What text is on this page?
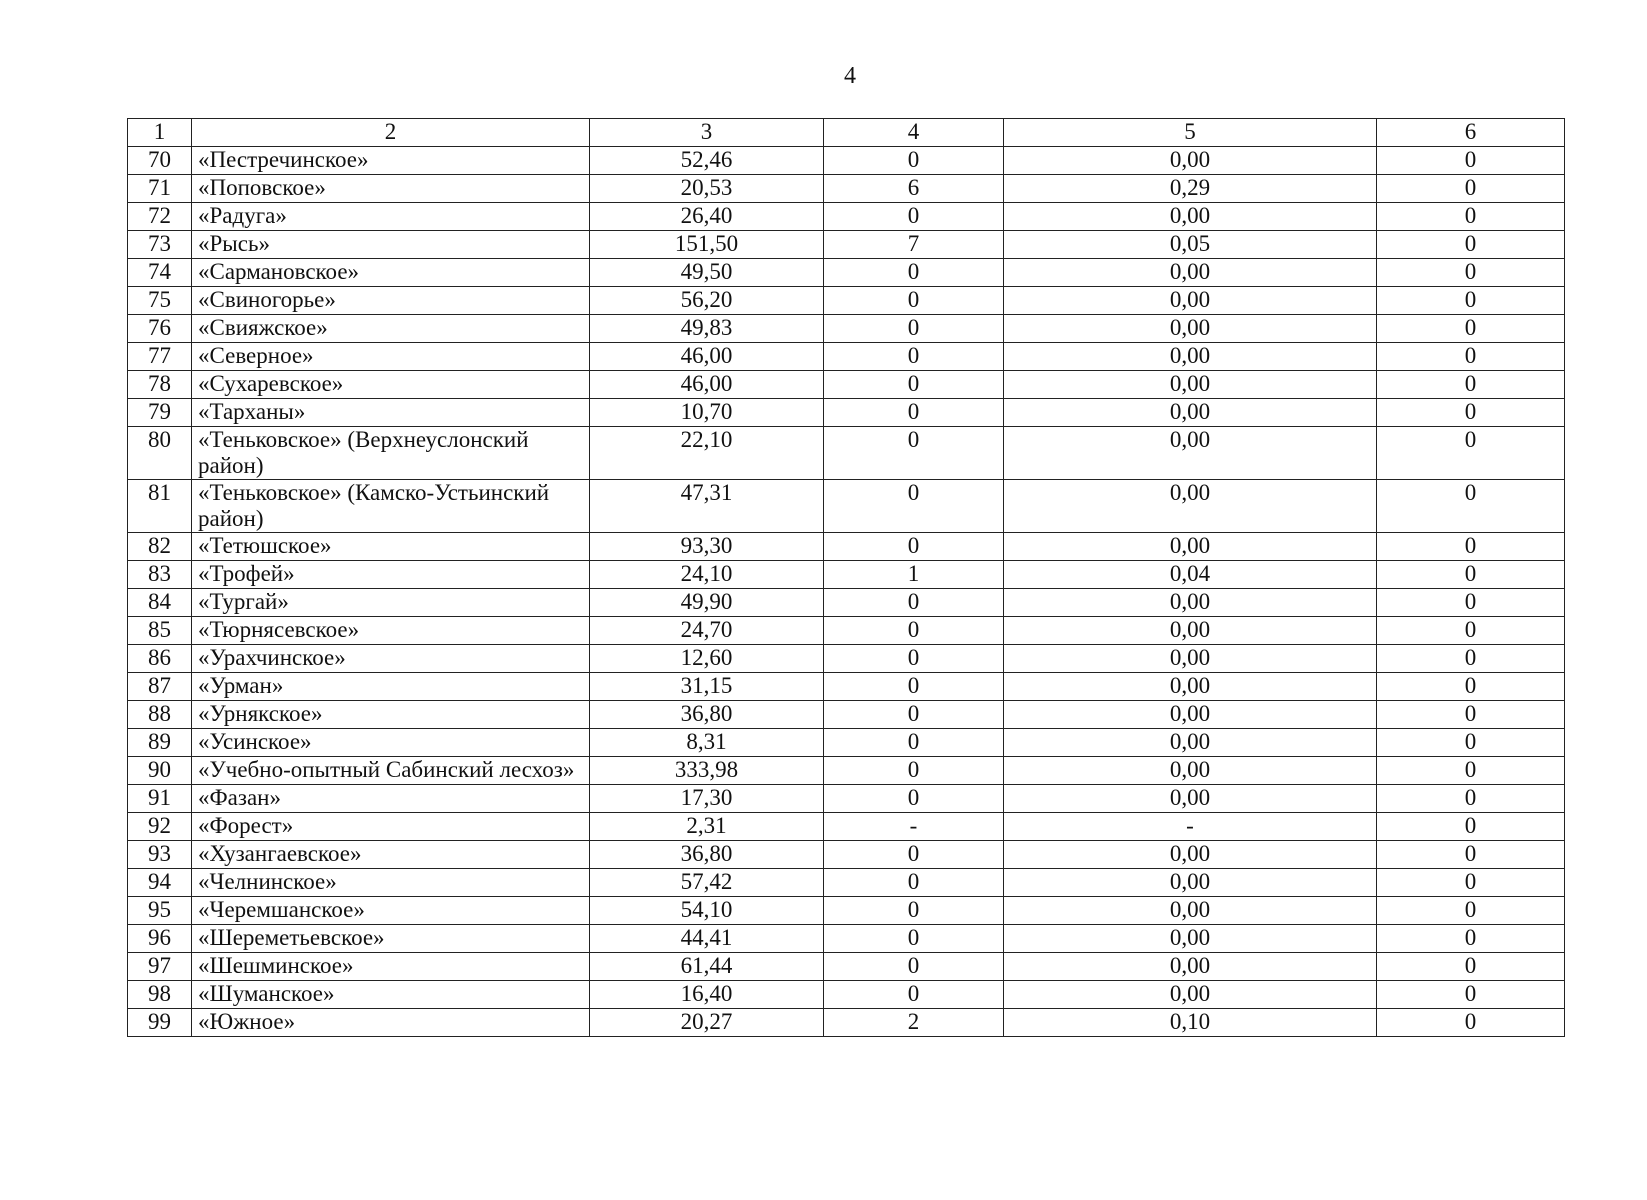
4
1	2	3	4	5	6
70	«Пестречинское»	52,46	0	0,00	0
71	«Поповское»	20,53	6	0,29	0
72	«Радуга»	26,40	0	0,00	0
73	«Рысь»	151,50	7	0,05	0
74	«Сармановское»	49,50	0	0,00	0
75	«Свиногорье»	56,20	0	0,00	0
76	«Свияжское»	49,83	0	0,00	0
77	«Северное»	46,00	0	0,00	0
78	«Сухаревское»	46,00	0	0,00	0
79	«Тарханы»	10,70	0	0,00	0
80	«Теньковское» (Верхнеуслонский район)	22,10	0	0,00	0
81	«Теньковское» (Камско-Устьинский район)	47,31	0	0,00	0
82	«Тетюшское»	93,30	0	0,00	0
83	«Трофей»	24,10	1	0,04	0
84	«Тургай»	49,90	0	0,00	0
85	«Тюрнясевское»	24,70	0	0,00	0
86	«Урахчинское»	12,60	0	0,00	0
87	«Урман»	31,15	0	0,00	0
88	«Урнякское»	36,80	0	0,00	0
89	«Усинское»	8,31	0	0,00	0
90	«Учебно-опытный Сабинский лесхоз»	333,98	0	0,00	0
91	«Фазан»	17,30	0	0,00	0
92	«Форест»	2,31	-	-	0
93	«Хузангаевское»	36,80	0	0,00	0
94	«Челнинское»	57,42	0	0,00	0
95	«Черемшанское»	54,10	0	0,00	0
96	«Шереметьевское»	44,41	0	0,00	0
97	«Шешминское»	61,44	0	0,00	0
98	«Шуманское»	16,40	0	0,00	0
99	«Южное»	20,27	2	0,10	0
